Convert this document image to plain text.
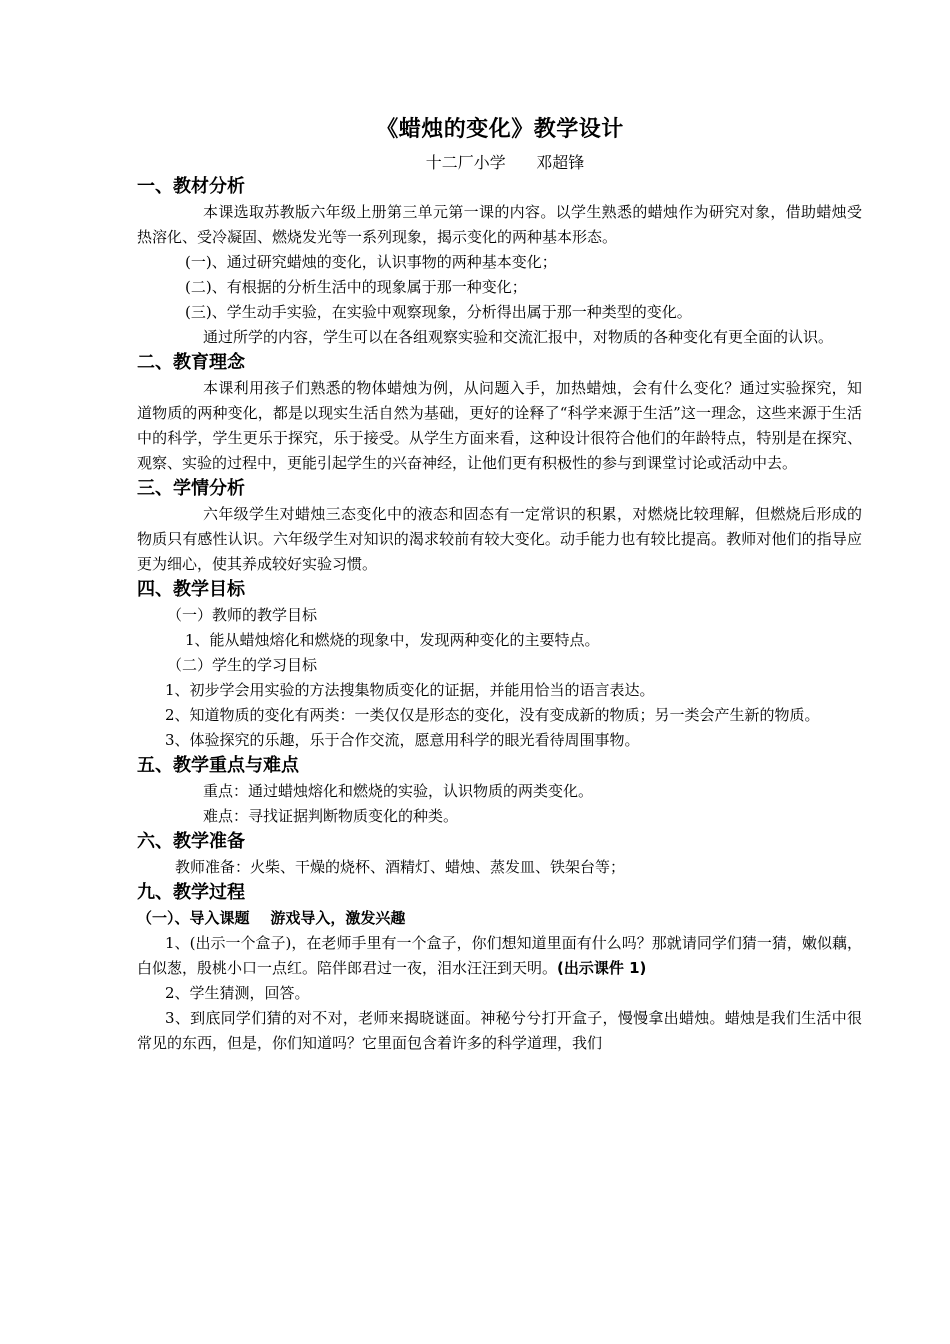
《蜡烛的变化》教学设计
十二厂小学      邓超锋
一、教材分析

本课选取苏教版六年级上册第三单元第一课的内容。以学生熟悉的蜡烛作为研究对象，借助蜡烛受热溶化、受冷凝固、燃烧发光等一系列现象，揭示变化的两种基本形态。

(一)、通过研究蜡烛的变化，认识事物的两种基本变化；

(二)、有根据的分析生活中的现象属于那一种变化；

(三)、学生动手实验，在实验中观察现象，分析得出属于那一种类型的变化。

通过所学的内容，学生可以在各组观察实验和交流汇报中，对物质的各种变化有更全面的认识。

二、教育理念

本课利用孩子们熟悉的物体蜡烛为例，从问题入手，加热蜡烛，会有什么变化？通过实验探究，知道物质的两种变化，都是以现实生活自然为基础，更好的诠释了“科学来源于生活”这一理念，这些来源于生活中的科学，学生更乐于探究，乐于接受。从学生方面来看，这种设计很符合他们的年龄特点，特别是在探究、观察、实验的过程中，更能引起学生的兴奋神经，让他们更有积极性的参与到课堂讨论或活动中去。

三、学情分析

六年级学生对蜡烛三态变化中的液态和固态有一定常识的积累，对燃烧比较理解，但燃烧后形成的物质只有感性认识。六年级学生对知识的渴求较前有较大变化。动手能力也有较比提高。教师对他们的指导应更为细心，使其养成较好实验习惯。

四、教学目标

（一）教师的教学目标

1、能从蜡烛熔化和燃烧的现象中，发现两种变化的主要特点。

（二）学生的学习目标

1、初步学会用实验的方法搜集物质变化的证据，并能用恰当的语言表达。

2、知道物质的变化有两类：一类仅仅是形态的变化，没有变成新的物质；另一类会产生新的物质。

3、体验探究的乐趣，乐于合作交流，愿意用科学的眼光看待周围事物。

五、教学重点与难点

重点：通过蜡烛熔化和燃烧的实验，认识物质的两类变化。

难点：寻找证据判断物质变化的种类。

六、教学准备

教师准备：火柴、干燥的烧杯、酒精灯、蜡烛、蒸发皿、铁架台等；

九、教学过程

（一）、导入课题    游戏导入，激发兴趣

1、(出示一个盒子)，在老师手里有一个盒子，你们想知道里面有什么吗？那就请同学们猜一猜，嫩似藕，白似葱，殷桃小口一点红。陪伴郎君过一夜，泪水汪汪到天明。(出示课件 1)

2、学生猜测，回答。

3、到底同学们猜的对不对，老师来揭晓谜面。神秘兮兮打开盒子，慢慢拿出蜡烛。蜡烛是我们生活中很常见的东西，但是，你们知道吗？它里面包含着许多的科学道理，我们
